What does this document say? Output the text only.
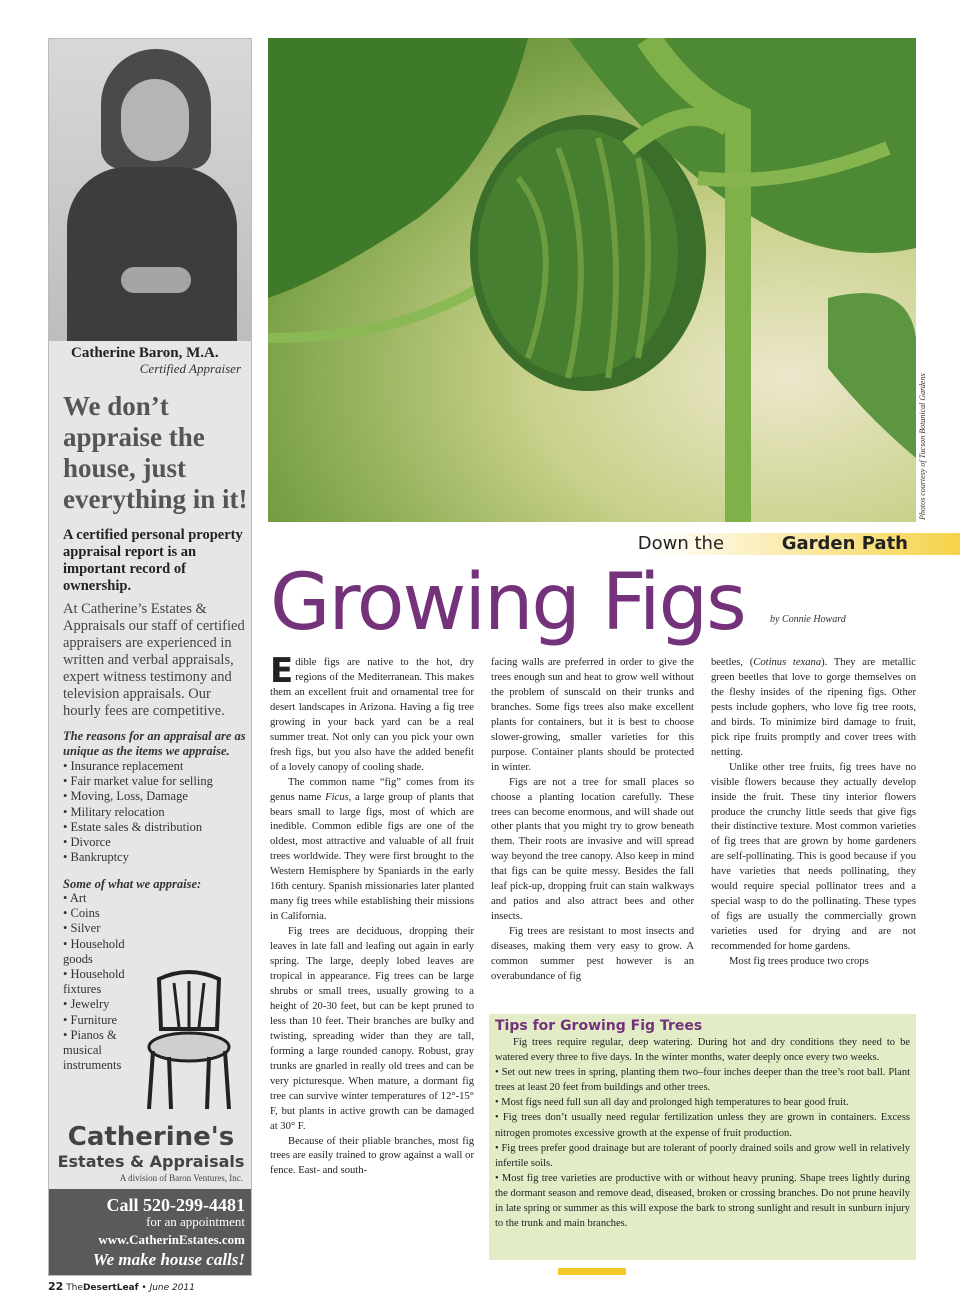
Catherine Baron, M.A.
Certified Appraiser
We don’t appraise the house, just everything in it!
A certified personal property appraisal report is an important record of ownership.
At Catherine’s Estates & Appraisals our staff of certified appraisers are experienced in written and verbal appraisals, expert witness testimony and television appraisals. Our hourly fees are competitive.
The reasons for an appraisal are as unique as the items we appraise.
• Insurance replacement
• Fair market value for selling
• Moving, Loss, Damage
• Military relocation
• Estate sales & distribution
• Divorce
• Bankruptcy
Some of what we appraise:
• Art
• Coins
• Silver
• Household goods
• Household fixtures
• Jewelry
• Furniture
• Pianos & musical instruments
Catherine's
Estates & Appraisals
A division of Baron Ventures, Inc.
Call 520-299-4481
for an appointment
www.CatherinEstates.com
We make house calls!
Photos courtesy of Tucson Botanical Gardens
Down the	Garden Path
Growing Figs	by Connie Howard

Edible figs are native to the hot, dry regions of the Mediterranean. This makes them an excellent fruit and ornamental tree for desert landscapes in Arizona. Having a fig tree growing in your back yard can be a real summer treat. Not only can you pick your own fresh figs, but you also have the added benefit of a lovely canopy of cooling shade.

The common name “fig” comes from its genus name Ficus, a large group of plants that bears small to large figs, most of which are inedible. Common edible figs are one of the oldest, most attractive and valuable of all fruit trees worldwide. They were first brought to the Western Hemisphere by Spaniards in the early 16th century. Spanish missionaries later planted many fig trees while establishing their missions in California.

Fig trees are deciduous, dropping their leaves in late fall and leafing out again in early spring. The large, deeply lobed leaves are tropical in appearance. Fig trees can be large shrubs or small trees, usually growing to a height of 20-30 feet, but can be kept pruned to less than 10 feet. Their branches are bulky and twisting, spreading wider than they are tall, forming a large rounded canopy. Robust, gray trunks are gnarled in really old trees and can be very picturesque. When mature, a dormant fig tree can survive winter temperatures of 12°-15° F, but plants in active growth can be damaged at 30° F.

Because of their pliable branches, most fig trees are easily trained to grow against a wall or fence. East- and south-

facing walls are preferred in order to give the trees enough sun and heat to grow well without the problem of sunscald on their trunks and branches. Some figs trees also make excellent plants for containers, but it is best to choose slower-growing, smaller varieties for this purpose. Container plants should be protected in winter.

Figs are not a tree for small places so choose a planting location carefully. These trees can become enormous, and will shade out other plants that you might try to grow beneath them. Their roots are invasive and will spread way beyond the tree canopy. Also keep in mind that figs can be quite messy. Besides the fall leaf pick-up, dropping fruit can stain walkways and patios and also attract bees and other insects.

Fig trees are resistant to most insects and diseases, making them very easy to grow. A common summer pest however is an overabundance of fig

beetles, (Cotinus texana). They are metallic green beetles that love to gorge themselves on the fleshy insides of the ripening figs. Other pests include gophers, who love fig tree roots, and birds. To minimize bird damage to fruit, pick ripe fruits promptly and cover trees with netting.

Unlike other tree fruits, fig trees have no visible flowers because they actually develop inside the fruit. These tiny interior flowers produce the crunchy little seeds that give figs their distinctive texture. Most common varieties of fig trees that are grown by home gardeners are self-pollinating. This is good because if you have varieties that needs pollinating, they would require special pollinator trees and a special wasp to do the pollinating. These types of figs are usually the commercially grown varieties used for drying and are not recommended for home gardens.

Most fig trees produce two crops

Tips for Growing Fig Trees

Fig trees require regular, deep watering. During hot and dry conditions they need to be watered every three to five days. In the winter months, water deeply once every two weeks.

• Set out new trees in spring, planting them two–four inches deeper than the tree’s root ball. Plant trees at least 20 feet from buildings and other trees.

• Most figs need full sun all day and prolonged high temperatures to bear good fruit.

• Fig trees don’t usually need regular fertilization unless they are grown in containers. Excess nitrogen promotes excessive growth at the expense of fruit production.

• Fig trees prefer good drainage but are tolerant of poorly drained soils and grow well in relatively infertile soils.

• Most fig tree varieties are productive with or without heavy pruning. Shape trees lightly during the dormant season and remove dead, diseased, broken or crossing branches. Do not prune heavily in late spring or summer as this will expose the bark to strong sunlight and result in sunburn injury to the trunk and main branches.

22 TheDesertLeaf • June 2011
